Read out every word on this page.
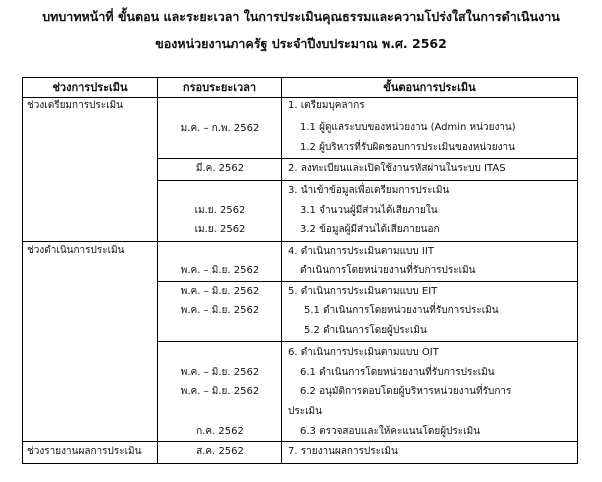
บทบาทหน้าที่ ขั้นตอน และระยะเวลา ในการประเมินคุณธรรมและความโปร่งใสในการดำเนินงาน
ของหน่วยงานภาครัฐ ประจำปีงบประมาณ พ.ศ. 2562
ช่วงการประเมิน	กรอบระยะเวลา	ขั้นตอนการประเมิน
ช่วงเตรียมการประเมิน
ช่วงดำเนินการประเมิน
ช่วงรายงานผลการประเมิน
ม.ค. – ก.พ. 2562
มี.ค. 2562
เม.ย. 2562
เม.ย. 2562
พ.ค. – มิ.ย. 2562
พ.ค. – มิ.ย. 2562
พ.ค. – มิ.ย. 2562
พ.ค. – มิ.ย. 2562
พ.ค. – มิ.ย. 2562
ก.ค. 2562
ส.ค. 2562
1. เตรียมบุคลากร
1.1 ผู้ดูแลระบบของหน่วยงาน (Admin หน่วยงาน)
1.2 ผู้บริหารที่รับผิดชอบการประเมินของหน่วยงาน
2. ลงทะเบียนและเปิดใช้งานรหัสผ่านในระบบ ITAS
3. นำเข้าข้อมูลเพื่อเตรียมการประเมิน
3.1 จำนวนผู้มีส่วนได้เสียภายใน
3.2 ข้อมูลผู้มีส่วนได้เสียภายนอก
4. ดำเนินการประเมินตามแบบ IIT
ดำเนินการโดยหน่วยงานที่รับการประเมิน
5. ดำเนินการประเมินตามแบบ EIT
5.1 ดำเนินการโดยหน่วยงานที่รับการประเมิน
5.2 ดำเนินการโดยผู้ประเมิน
6. ดำเนินการประเมินตามแบบ OIT
6.1 ดำเนินการโดยหน่วยงานที่รับการประเมิน
6.2 อนุมัติการตอบโดยผู้บริหารหน่วยงานที่รับการ
ประเมิน
6.3 ตรวจสอบและให้คะแนนโดยผู้ประเมิน
7. รายงานผลการประเมิน
